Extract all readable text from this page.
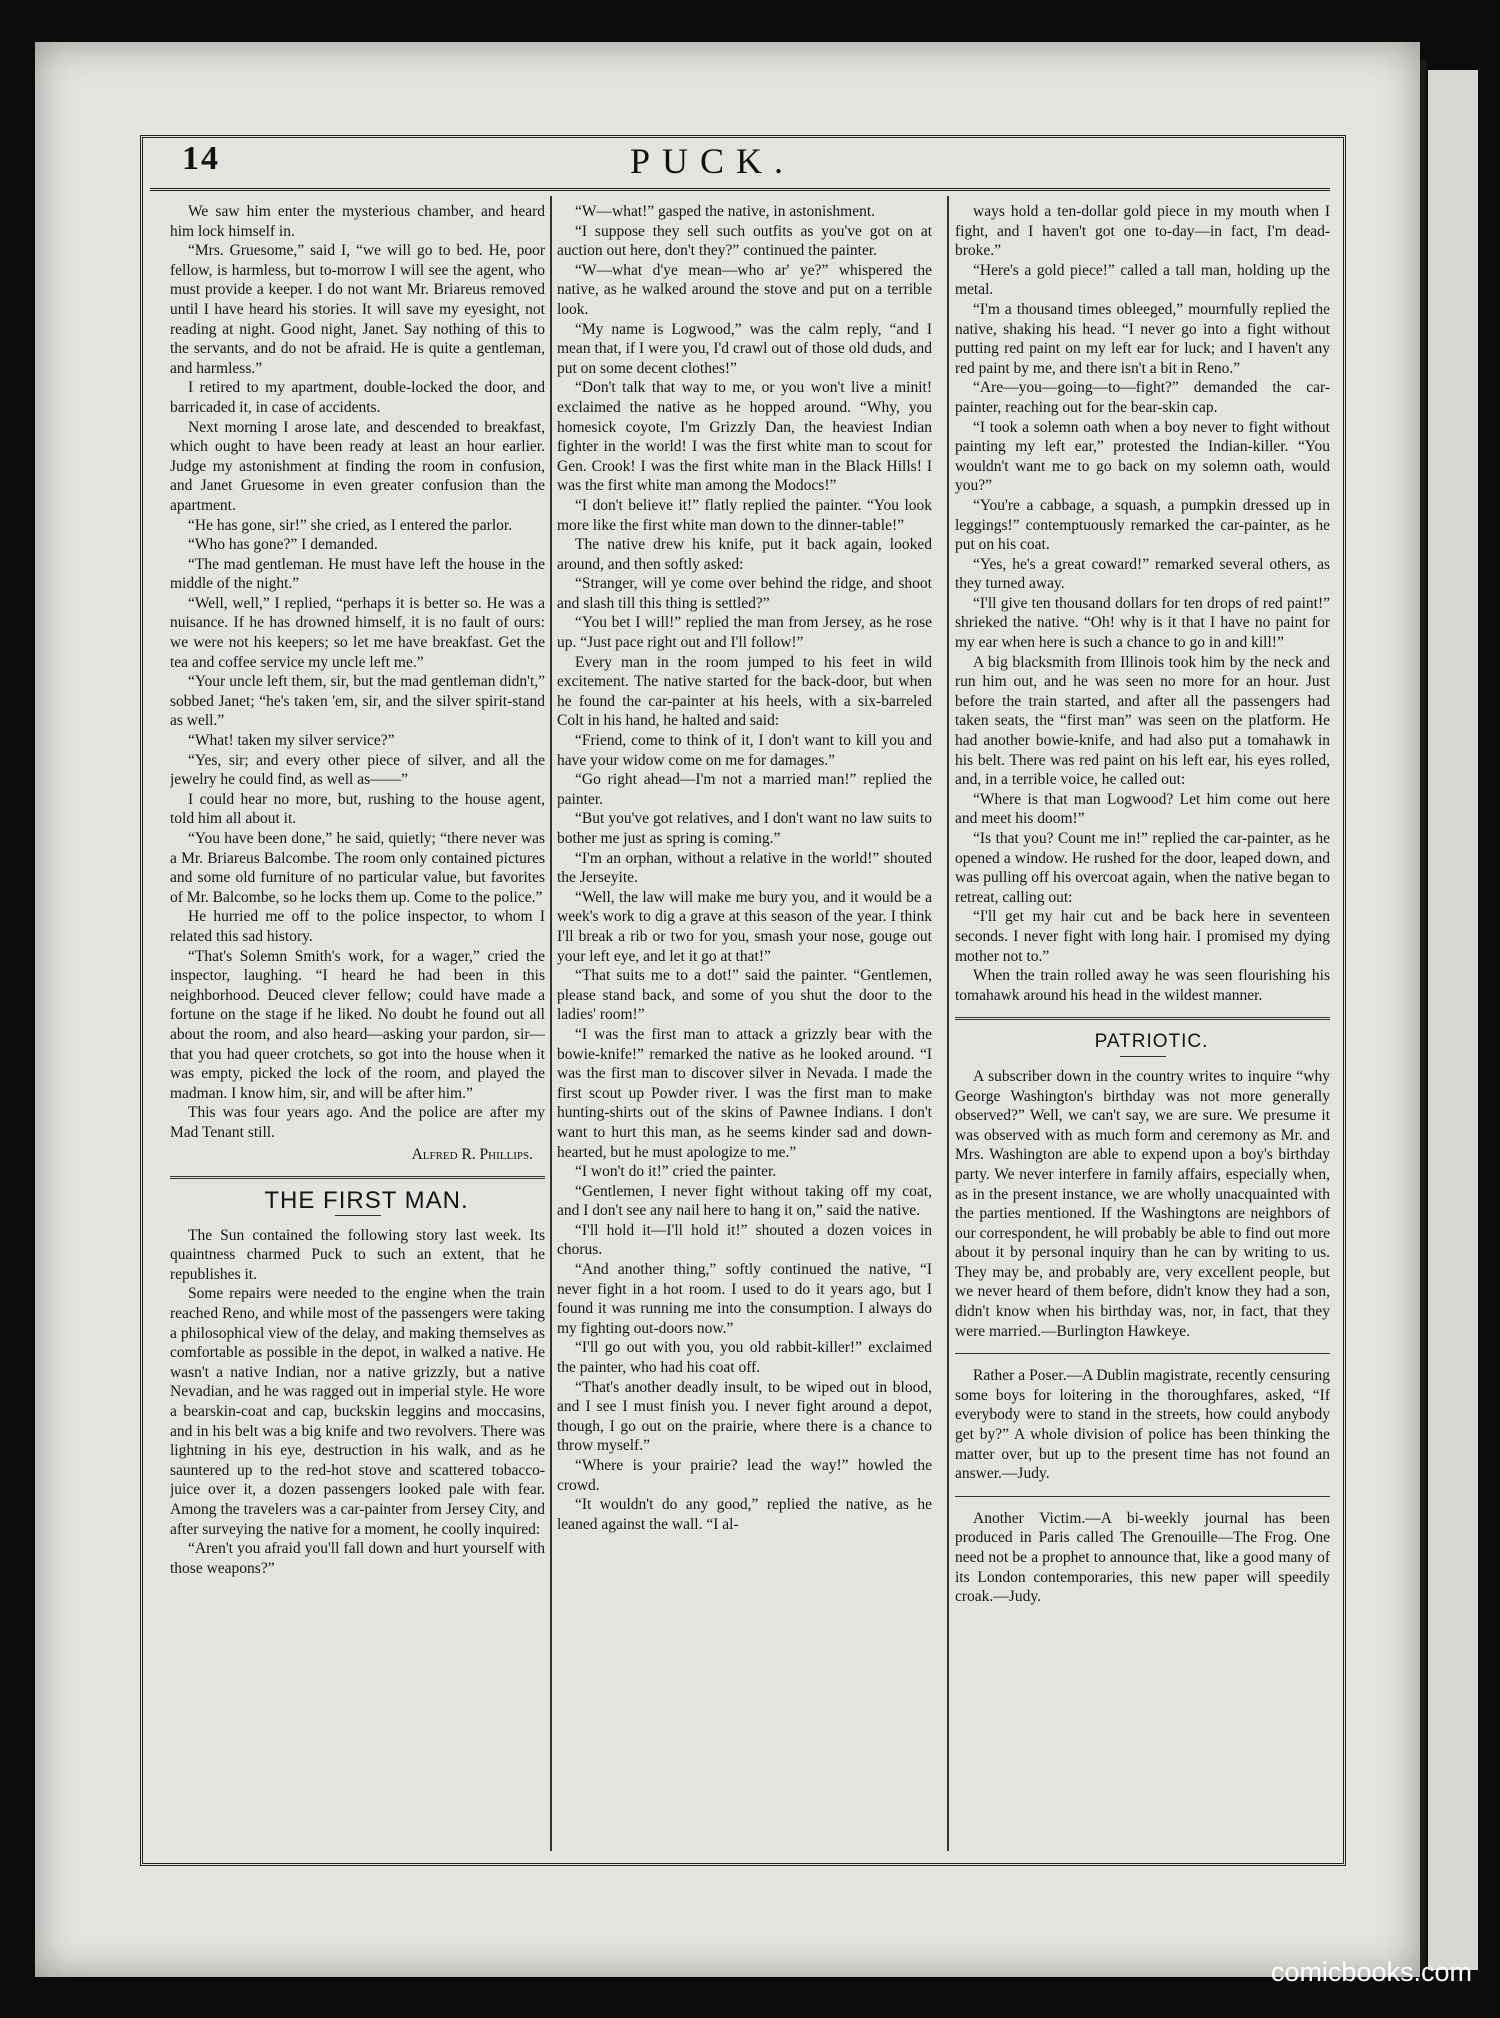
14	PUCK.

We saw him enter the mysterious chamber, and heard him lock himself in.

“Mrs. Gruesome,” said I, “we will go to bed. He, poor fellow, is harmless, but to-morrow I will see the agent, who must provide a keeper. I do not want Mr. Briareus removed until I have heard his stories. It will save my eyesight, not reading at night. Good night, Janet. Say nothing of this to the servants, and do not be afraid. He is quite a gentleman, and harmless.”

I retired to my apartment, double-locked the door, and barricaded it, in case of accidents.

Next morning I arose late, and descended to breakfast, which ought to have been ready at least an hour earlier. Judge my astonishment at finding the room in confusion, and Janet Gruesome in even greater confusion than the apartment.

“He has gone, sir!” she cried, as I entered the parlor.

“Who has gone?” I demanded.

“The mad gentleman. He must have left the house in the middle of the night.”

“Well, well,” I replied, “perhaps it is better so. He was a nuisance. If he has drowned himself, it is no fault of ours: we were not his keepers; so let me have breakfast. Get the tea and coffee service my uncle left me.”

“Your uncle left them, sir, but the mad gentleman didn't,” sobbed Janet; “he's taken 'em, sir, and the silver spirit-stand as well.”

“What! taken my silver service?”

“Yes, sir; and every other piece of silver, and all the jewelry he could find, as well as——”

I could hear no more, but, rushing to the house agent, told him all about it.

“You have been done,” he said, quietly; “there never was a Mr. Briareus Balcombe. The room only contained pictures and some old furniture of no particular value, but favorites of Mr. Balcombe, so he locks them up. Come to the police.”

He hurried me off to the police inspector, to whom I related this sad history.

“That's Solemn Smith's work, for a wager,” cried the inspector, laughing. “I heard he had been in this neighborhood. Deuced clever fellow; could have made a fortune on the stage if he liked. No doubt he found out all about the room, and also heard—asking your pardon, sir—that you had queer crotchets, so got into the house when it was empty, picked the lock of the room, and played the madman. I know him, sir, and will be after him.”

This was four years ago. And the police are after my Mad Tenant still.

Alfred R. Phillips.

THE FIRST MAN.

The Sun contained the following story last week. Its quaintness charmed Puck to such an extent, that he republishes it.

Some repairs were needed to the engine when the train reached Reno, and while most of the passengers were taking a philosophical view of the delay, and making themselves as comfortable as possible in the depot, in walked a native. He wasn't a native Indian, nor a native grizzly, but a native Nevadian, and he was ragged out in imperial style. He wore a bearskin-coat and cap, buckskin leggins and moccasins, and in his belt was a big knife and two revolvers. There was lightning in his eye, destruction in his walk, and as he sauntered up to the red-hot stove and scattered tobacco-juice over it, a dozen passengers looked pale with fear. Among the travelers was a car-painter from Jersey City, and after surveying the native for a moment, he coolly inquired:

“Aren't you afraid you'll fall down and hurt yourself with those weapons?”

“W—what!” gasped the native, in astonishment.

“I suppose they sell such outfits as you've got on at auction out here, don't they?” continued the painter.

“W—what d'ye mean—who ar' ye?” whispered the native, as he walked around the stove and put on a terrible look.

“My name is Logwood,” was the calm reply, “and I mean that, if I were you, I'd crawl out of those old duds, and put on some decent clothes!”

“Don't talk that way to me, or you won't live a minit! exclaimed the native as he hopped around. “Why, you homesick coyote, I'm Grizzly Dan, the heaviest Indian fighter in the world! I was the first white man to scout for Gen. Crook! I was the first white man in the Black Hills! I was the first white man among the Modocs!”

“I don't believe it!” flatly replied the painter. “You look more like the first white man down to the dinner-table!”

The native drew his knife, put it back again, looked around, and then softly asked:

“Stranger, will ye come over behind the ridge, and shoot and slash till this thing is settled?”

“You bet I will!” replied the man from Jersey, as he rose up. “Just pace right out and I'll follow!”

Every man in the room jumped to his feet in wild excitement. The native started for the back-door, but when he found the car-painter at his heels, with a six-barreled Colt in his hand, he halted and said:

“Friend, come to think of it, I don't want to kill you and have your widow come on me for damages.”

“Go right ahead—I'm not a married man!” replied the painter.

“But you've got relatives, and I don't want no law suits to bother me just as spring is coming.”

“I'm an orphan, without a relative in the world!” shouted the Jerseyite.

“Well, the law will make me bury you, and it would be a week's work to dig a grave at this season of the year. I think I'll break a rib or two for you, smash your nose, gouge out your left eye, and let it go at that!”

“That suits me to a dot!” said the painter. “Gentlemen, please stand back, and some of you shut the door to the ladies' room!”

“I was the first man to attack a grizzly bear with the bowie-knife!” remarked the native as he looked around. “I was the first man to discover silver in Nevada. I made the first scout up Powder river. I was the first man to make hunting-shirts out of the skins of Pawnee Indians. I don't want to hurt this man, as he seems kinder sad and down-hearted, but he must apologize to me.”

“I won't do it!” cried the painter.

“Gentlemen, I never fight without taking off my coat, and I don't see any nail here to hang it on,” said the native.

“I'll hold it—I'll hold it!” shouted a dozen voices in chorus.

“And another thing,” softly continued the native, “I never fight in a hot room. I used to do it years ago, but I found it was running me into the consumption. I always do my fighting out-doors now.”

“I'll go out with you, you old rabbit-killer!” exclaimed the painter, who had his coat off.

“That's another deadly insult, to be wiped out in blood, and I see I must finish you. I never fight around a depot, though, I go out on the prairie, where there is a chance to throw myself.”

“Where is your prairie? lead the way!” howled the crowd.

“It wouldn't do any good,” replied the native, as he leaned against the wall. “I al-

ways hold a ten-dollar gold piece in my mouth when I fight, and I haven't got one to-day—in fact, I'm dead-broke.”

“Here's a gold piece!” called a tall man, holding up the metal.

“I'm a thousand times obleeged,” mournfully replied the native, shaking his head. “I never go into a fight without putting red paint on my left ear for luck; and I haven't any red paint by me, and there isn't a bit in Reno.”

“Are—you—going—to—fight?” demanded the car-painter, reaching out for the bear-skin cap.

“I took a solemn oath when a boy never to fight without painting my left ear,” protested the Indian-killer. “You wouldn't want me to go back on my solemn oath, would you?”

“You're a cabbage, a squash, a pumpkin dressed up in leggings!” contemptuously remarked the car-painter, as he put on his coat.

“Yes, he's a great coward!” remarked several others, as they turned away.

“I'll give ten thousand dollars for ten drops of red paint!” shrieked the native. “Oh! why is it that I have no paint for my ear when here is such a chance to go in and kill!”

A big blacksmith from Illinois took him by the neck and run him out, and he was seen no more for an hour. Just before the train started, and after all the passengers had taken seats, the “first man” was seen on the platform. He had another bowie-knife, and had also put a tomahawk in his belt. There was red paint on his left ear, his eyes rolled, and, in a terrible voice, he called out:

“Where is that man Logwood? Let him come out here and meet his doom!”

“Is that you? Count me in!” replied the car-painter, as he opened a window. He rushed for the door, leaped down, and was pulling off his overcoat again, when the native began to retreat, calling out:

“I'll get my hair cut and be back here in seventeen seconds. I never fight with long hair. I promised my dying mother not to.”

When the train rolled away he was seen flourishing his tomahawk around his head in the wildest manner.

PATRIOTIC.

A subscriber down in the country writes to inquire “why George Washington's birthday was not more generally observed?” Well, we can't say, we are sure. We presume it was observed with as much form and ceremony as Mr. and Mrs. Washington are able to expend upon a boy's birthday party. We never interfere in family affairs, especially when, as in the present instance, we are wholly unacquainted with the parties mentioned. If the Washingtons are neighbors of our correspondent, he will probably be able to find out more about it by personal inquiry than he can by writing to us. They may be, and probably are, very excellent people, but we never heard of them before, didn't know they had a son, didn't know when his birthday was, nor, in fact, that they were married.—Burlington Hawkeye.

Rather a Poser.—A Dublin magistrate, recently censuring some boys for loitering in the thoroughfares, asked, “If everybody were to stand in the streets, how could anybody get by?” A whole division of police has been thinking the matter over, but up to the present time has not found an answer.—Judy.

Another Victim.—A bi-weekly journal has been produced in Paris called The Grenouille—The Frog. One need not be a prophet to announce that, like a good many of its London contemporaries, this new paper will speedily croak.—Judy.

comicbooks.com
